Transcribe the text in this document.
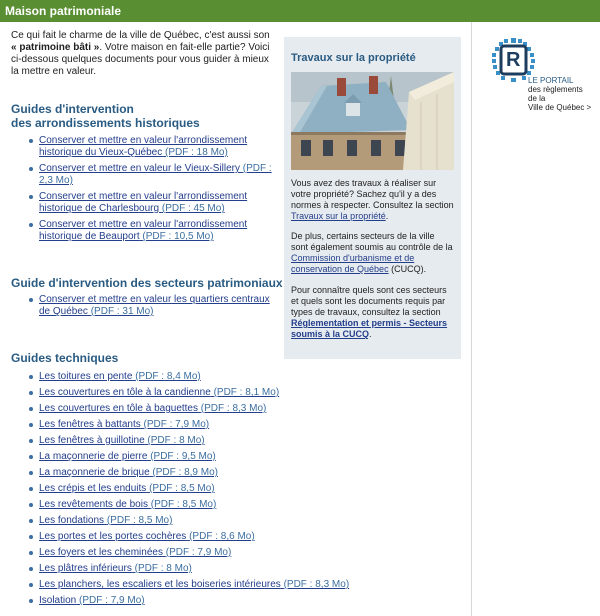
Maison patrimoniale

Ce qui fait le charme de la ville de Québec, c'est aussi son « patrimoine bâti ». Votre maison en fait-elle partie? Voici ci-dessous quelques documents pour vous guider à mieux la mettre en valeur.

Guides d'intervention
des arrondissements historiques
Conserver et mettre en valeur l'arrondissement historique du Vieux-Québec (PDF : 18 Mo)
Conserver et mettre en valeur le Vieux-Sillery (PDF : 2,3 Mo)
Conserver et mettre en valeur l'arrondissement historique de Charlesbourg (PDF : 45 Mo)
Conserver et mettre en valeur l'arrondissement historique de Beauport (PDF : 10,5 Mo)
Guide d'intervention des secteurs patrimoniaux
Conserver et mettre en valeur les quartiers centraux de Québec (PDF : 31 Mo)
Guides techniques
Les toitures en pente (PDF : 8,4 Mo)
Les couvertures en tôle à la candienne (PDF : 8,1 Mo)
Les couvertures en tôle à baguettes (PDF : 8,3 Mo)
Les fenêtres à battants (PDF : 7,9 Mo)
Les fenêtres à guillotine (PDF : 8 Mo)
La maçonnerie de pierre (PDF : 9,5 Mo)
La maçonnerie de brique (PDF : 8,9 Mo)
Les crépis et les enduits (PDF : 8,5 Mo)
Les revêtements de bois (PDF : 8,5 Mo)
Les fondations (PDF : 8,5 Mo)
Les portes et les portes cochères (PDF : 8,6 Mo)
Les foyers et les cheminées (PDF : 7,9 Mo)
Les plâtres inférieurs (PDF : 8 Mo)
Les planchers, les escaliers et les boiseries intérieures (PDF : 8,3 Mo)
Isolation (PDF : 7,9 Mo)
Travaux sur la propriété

Vous avez des travaux à réaliser sur votre propriété? Sachez qu'il y a des normes à respecter. Consultez la section Travaux sur la propriété.

De plus, certains secteurs de la ville sont également soumis au contrôle de la Commission d'urbanisme et de conservation de Québec (CUCQ).

Pour connaître quels sont ces secteurs et quels sont les documents requis par types de travaux, consultez la section Réglementation et permis - Secteurs soumis à la CUCQ.

R
LE PORTAIL
des règlements
de la
Ville de Québec >
